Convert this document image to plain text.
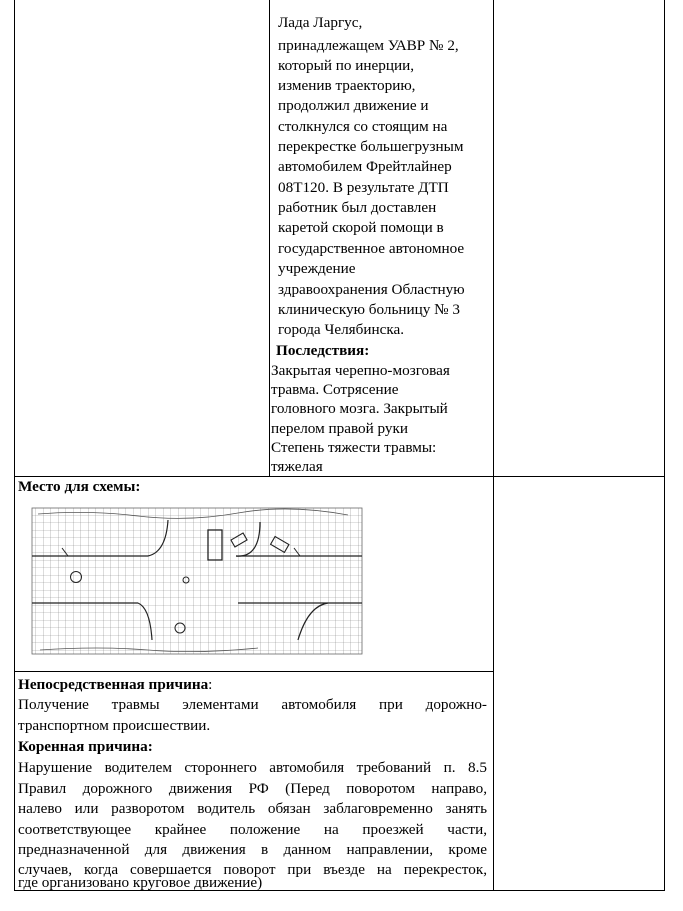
Лада Ларгус,
принадлежащем УАВР № 2,
который по инерции,
изменив траекторию,
продолжил движение и
столкнулся со стоящим на
перекрестке большегрузным
автомобилем Фрейтлайнер
08Т120. В результате ДТП
работник был доставлен
каретой скорой помощи в
государственное автономное
учреждение
здравоохранения Областную
клиническую больницу № 3
города Челябинска.
Последствия:
Закрытая черепно-мозговая
травма. Сотрясение
головного мозга. Закрытый
перелом правой руки
Степень тяжести травмы:
тяжелая
Место для схемы:
Непосредственная причина:
Получение травмы элементами автомобиля при дорожно-
транспортном происшествии.
Коренная причина:
Нарушение водителем стороннего автомобиля требований п. 8.5
Правил дорожного движения РФ (Перед поворотом направо,
налево или разворотом водитель обязан заблаговременно занять
соответствующее крайнее положение на проезжей части,
предназначенной для движения в данном направлении, кроме
случаев, когда совершается поворот при въезде на перекресток,
где организовано круговое движение)
